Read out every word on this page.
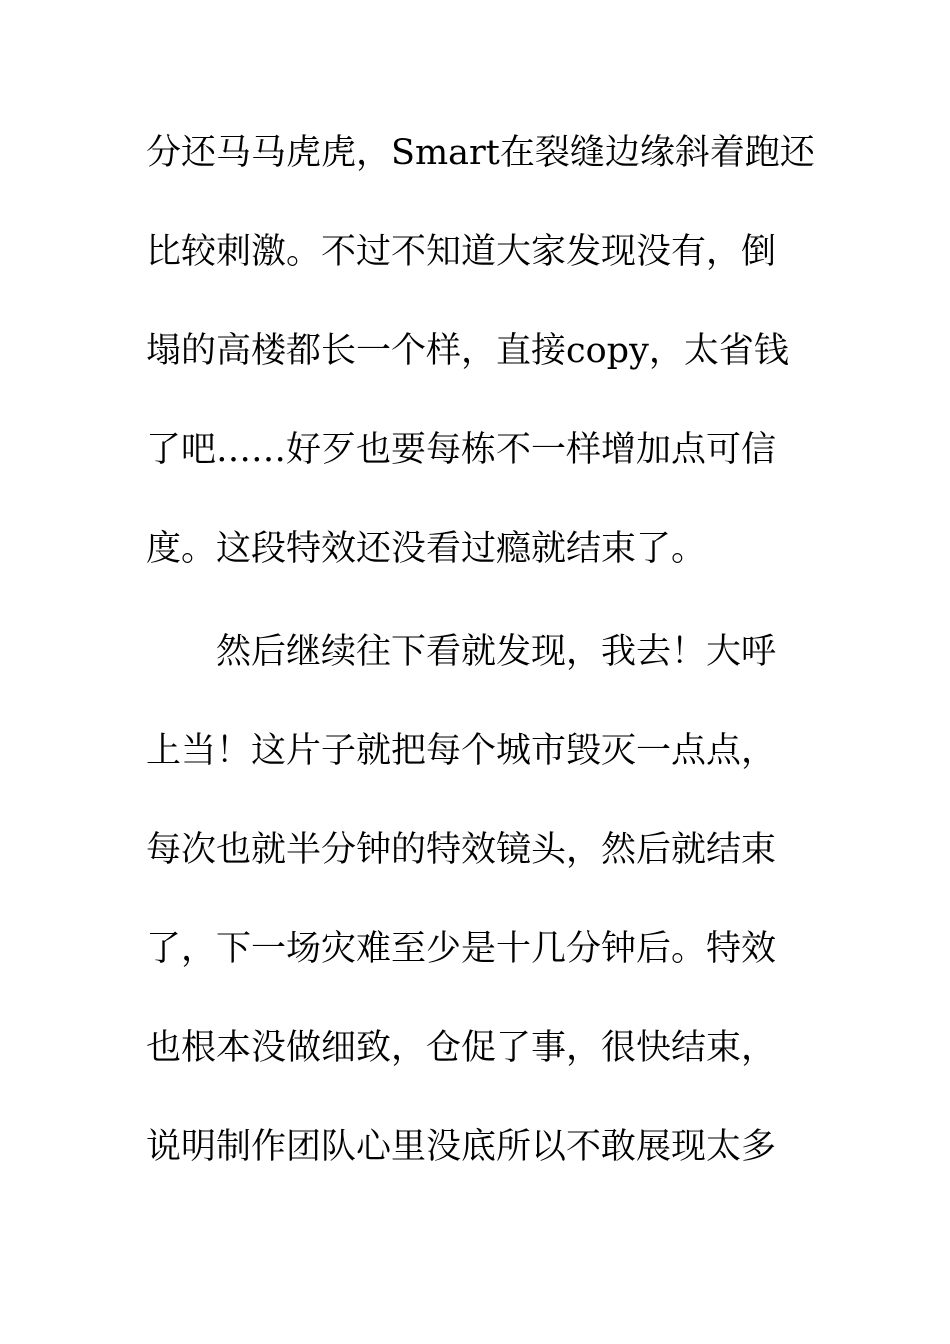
分还马马虎虎，Smart在裂缝边缘斜着跑还
比较刺激。不过不知道大家发现没有，倒
塌的高楼都长一个样，直接copy，太省钱
了吧……好歹也要每栋不一样增加点可信
度。这段特效还没看过瘾就结束了。
然后继续往下看就发现，我去！大呼
上当！这片子就把每个城市毁灭一点点，
每次也就半分钟的特效镜头，然后就结束
了，下一场灾难至少是十几分钟后。特效
也根本没做细致，仓促了事，很快结束，
说明制作团队心里没底所以不敢展现太多
